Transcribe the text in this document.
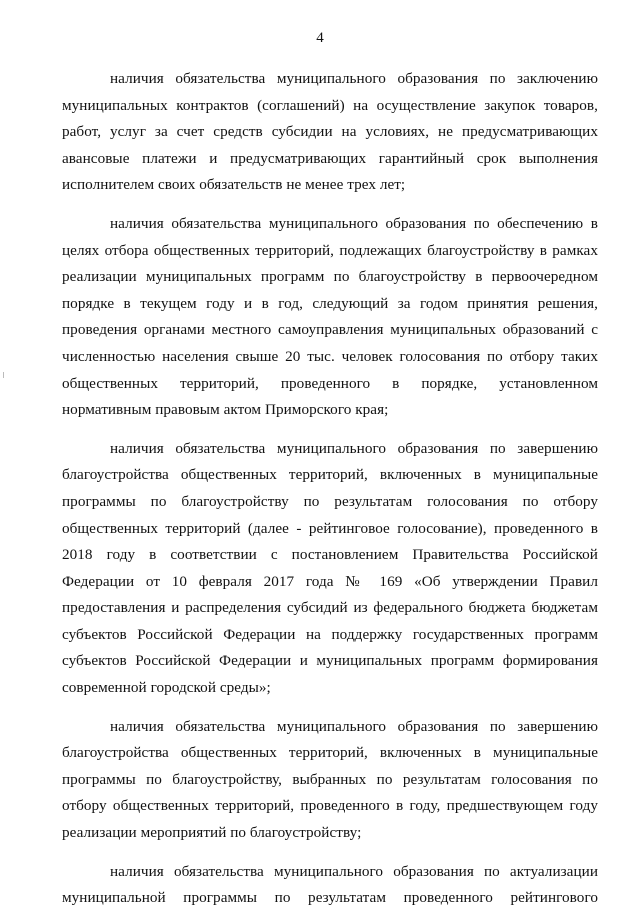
4

наличия обязательства муниципального образования по заключению муниципальных контрактов (соглашений) на осуществление закупок товаров, работ, услуг за счет средств субсидии на условиях, не предусматривающих авансовые платежи и предусматривающих гарантийный срок выполнения исполнителем своих обязательств не менее трех лет;

наличия обязательства муниципального образования по обеспечению в целях отбора общественных территорий, подлежащих благоустройству в рамках реализации муниципальных программ по благоустройству в первоочередном порядке в текущем году и в год, следующий за годом принятия решения, проведения органами местного самоуправления муниципальных образований с численностью населения свыше 20 тыс. человек голосования по отбору таких общественных территорий, проведенного в порядке, установленном нормативным правовым актом Приморского края;

наличия обязательства муниципального образования по завершению благоустройства общественных территорий, включенных в муниципальные программы по благоустройству по результатам голосования по отбору общественных территорий (далее - рейтинговое голосование), проведенного в 2018 году в соответствии с постановлением Правительства Российской Федерации от 10 февраля 2017 года № 169 «Об утверждении Правил предоставления и распределения субсидий из федерального бюджета бюджетам субъектов Российской Федерации на поддержку государственных программ субъектов Российской Федерации и муниципальных программ формирования современной городской среды»;

наличия обязательства муниципального образования по завершению благоустройства общественных территорий, включенных в муниципальные программы по благоустройству, выбранных по результатам голосования по отбору общественных территорий, проведенного в году, предшествующем году реализации мероприятий по благоустройству;

наличия обязательства муниципального образования по актуализации муниципальной программы по результатам проведенного рейтингового
